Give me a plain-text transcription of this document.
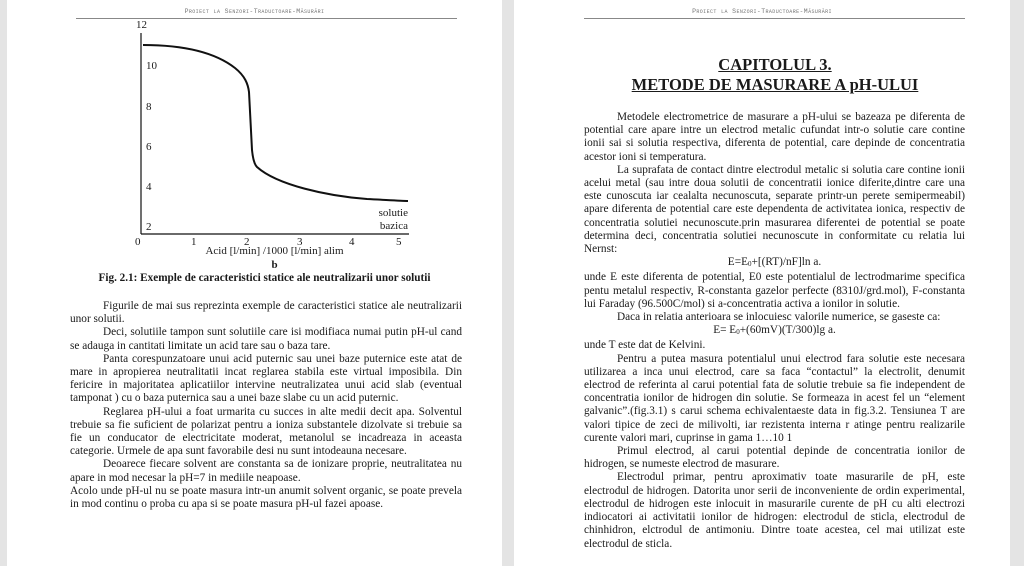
Proiect la Senzori-Traductoare-Măsurări
12
10
8
6
4
2
0	1	2	3	4	5
solutie
bazica
Acid [l/min] /1000 [l/min] alim
b
Fig. 2.1: Exemple de caracteristici statice ale neutralizarii unor solutii

Figurile de mai sus reprezinta exemple de caracteristici statice ale neutralizarii unor solutii.

Deci, solutiile tampon sunt solutiile care isi modifiaca numai putin pH-ul cand se adauga in cantitati limitate un acid tare sau o baza tare.

Panta corespunzatoare unui acid puternic sau unei baze puternice este atat de mare in apropierea neutralitatii incat reglarea stabila este virtual imposibila. Din fericire in majoritatea aplicatiilor intervine neutralizatea unui acid slab (eventual tamponat ) cu o baza puternica sau a unei baze slabe cu un acid puternic.

Reglarea pH-ului a foat urmarita cu succes in alte medii decit apa. Solventul trebuie sa fie suficient de polarizat pentru a ioniza substantele dizolvate si trebuie sa fie un conducator de electricitate moderat, metanolul se incadreaza in aceasta categorie. Urmele de apa sunt favorabile desi nu sunt intodeauna necesare.

Deoarece fiecare solvent are constanta sa de ionizare proprie, neutralitatea nu apare in mod necesar la pH=7 in mediile neapoase.

Acolo unde pH-ul nu se poate masura intr-un anumit solvent organic, se poate prevela in mod continu o proba cu apa si se poate masura pH-ul fazei apoase.

Proiect la Senzori-Traductoare-Măsurări
CAPITOLUL 3.
METODE DE MASURARE A pH-ULUI

Metodele electrometrice de masurare a pH-ului se bazeaza pe diferenta de potential care apare intre un electrod metalic cufundat intr-o solutie care contine ionii sai si solutia respectiva, diferenta de potential, care depinde de concentratia acestor ioni si temperatura.

La suprafata de contact dintre electrodul metalic si solutia care contine ionii acelui metal (sau intre doua solutii de concentratii ionice diferite,dintre care una este cunoscuta iar cealalta necunoscuta, separate printr-un perete semipermeabil) apare diferenta de potential care este dependenta de activitatea ionica, respectiv de concentratia solutiei necunoscute.prin masurarea diferentei de potential se poate determina deci, concentratia solutiei necunoscute in conformitate cu relatia lui Nernst:

$E=E_0+[(RT)/nF]\ln$ a.

unde E este diferenta de potential, E0 este potentialul de lectrodmarime specifica pentu metalul respectiv, R-constanta gazelor perfecte (8310J/grd.mol), F-constanta lui Faraday (96.500C/mol) si a-concentratia activa a ionilor in solutie.

Daca in relatia anterioara se inlocuiesc valorile numerice, se gaseste ca:

$E= E_0+(60mV)(T/300)\lg$ a.

unde T este dat de Kelvini.

Pentru a putea masura potentialul unui electrod fara solutie este necesara utilizarea a inca unui electrod, care sa faca “contactul” la electrolit, denumit electrod de referinta al carui potential fata de solutie trebuie sa fie independent de concentratia ionilor de hidrogen din solutie. Se formeaza in acest fel un “element galvanic”.(fig.3.1) s carui schema echivalentaeste data in fig.3.2. Tensiunea T are valori tipice de zeci de milivolti, iar rezistenta interna r atinge pentru realizarile curente valori mari, cuprinse in gama 1…10 1

Primul electrod, al carui potential depinde de concentratia ionilor de hidrogen, se numeste electrod de masurare.

Electrodul primar, pentru aproximativ toate masurarile de pH, este electrodul de hidrogen. Datorita unor serii de inconveniente de ordin experimental, electrodul de hidrogen este inlocuit in masurarile curente de pH cu alti electrozi indiocatori ai activitatii ionilor de hidrogen: electrodul de sticla, electrodul de chinhidron, elctrodul de antimoniu. Dintre toate acestea, cel mai utilizat este electrodul de sticla.
